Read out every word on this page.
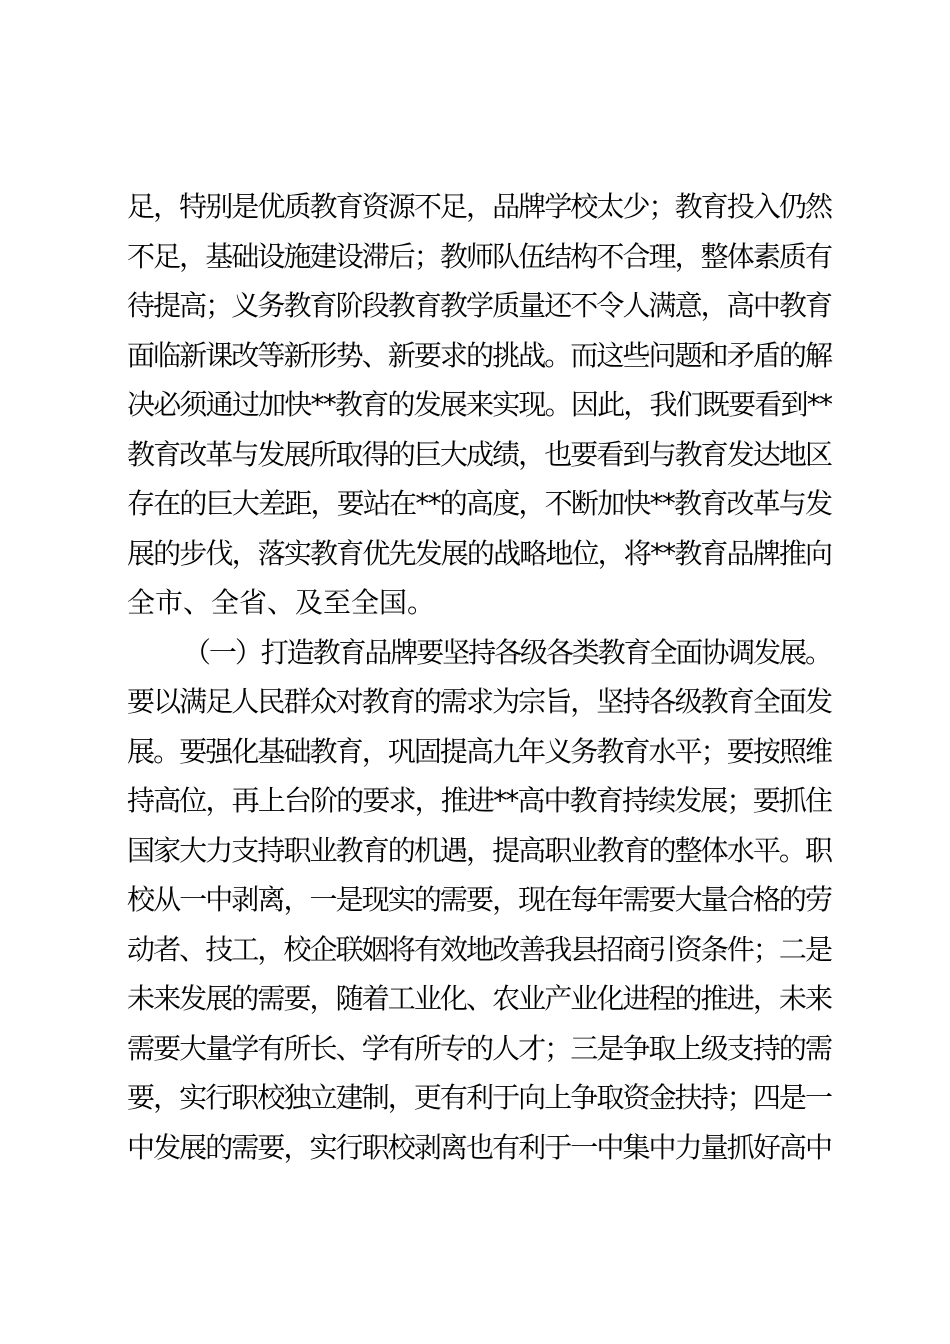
足，特别是优质教育资源不足，品牌学校太少；教育投入仍然
不足，基础设施建设滞后；教师队伍结构不合理，整体素质有
待提高；义务教育阶段教育教学质量还不令人满意，高中教育
面临新课改等新形势、新要求的挑战。而这些问题和矛盾的解
决必须通过加快**教育的发展来实现。因此，我们既要看到**
教育改革与发展所取得的巨大成绩，也要看到与教育发达地区
存在的巨大差距，要站在**的高度，不断加快**教育改革与发
展的步伐，落实教育优先发展的战略地位，将**教育品牌推向
全市、全省、及至全国。
（一）打造教育品牌要坚持各级各类教育全面协调发展。
要以满足人民群众对教育的需求为宗旨，坚持各级教育全面发
展。要强化基础教育，巩固提高九年义务教育水平；要按照维
持高位，再上台阶的要求，推进**高中教育持续发展；要抓住
国家大力支持职业教育的机遇，提高职业教育的整体水平。职
校从一中剥离，一是现实的需要，现在每年需要大量合格的劳
动者、技工，校企联姻将有效地改善我县招商引资条件；二是
未来发展的需要，随着工业化、农业产业化进程的推进，未来
需要大量学有所长、学有所专的人才；三是争取上级支持的需
要，实行职校独立建制，更有利于向上争取资金扶持；四是一
中发展的需要，实行职校剥离也有利于一中集中力量抓好高中
